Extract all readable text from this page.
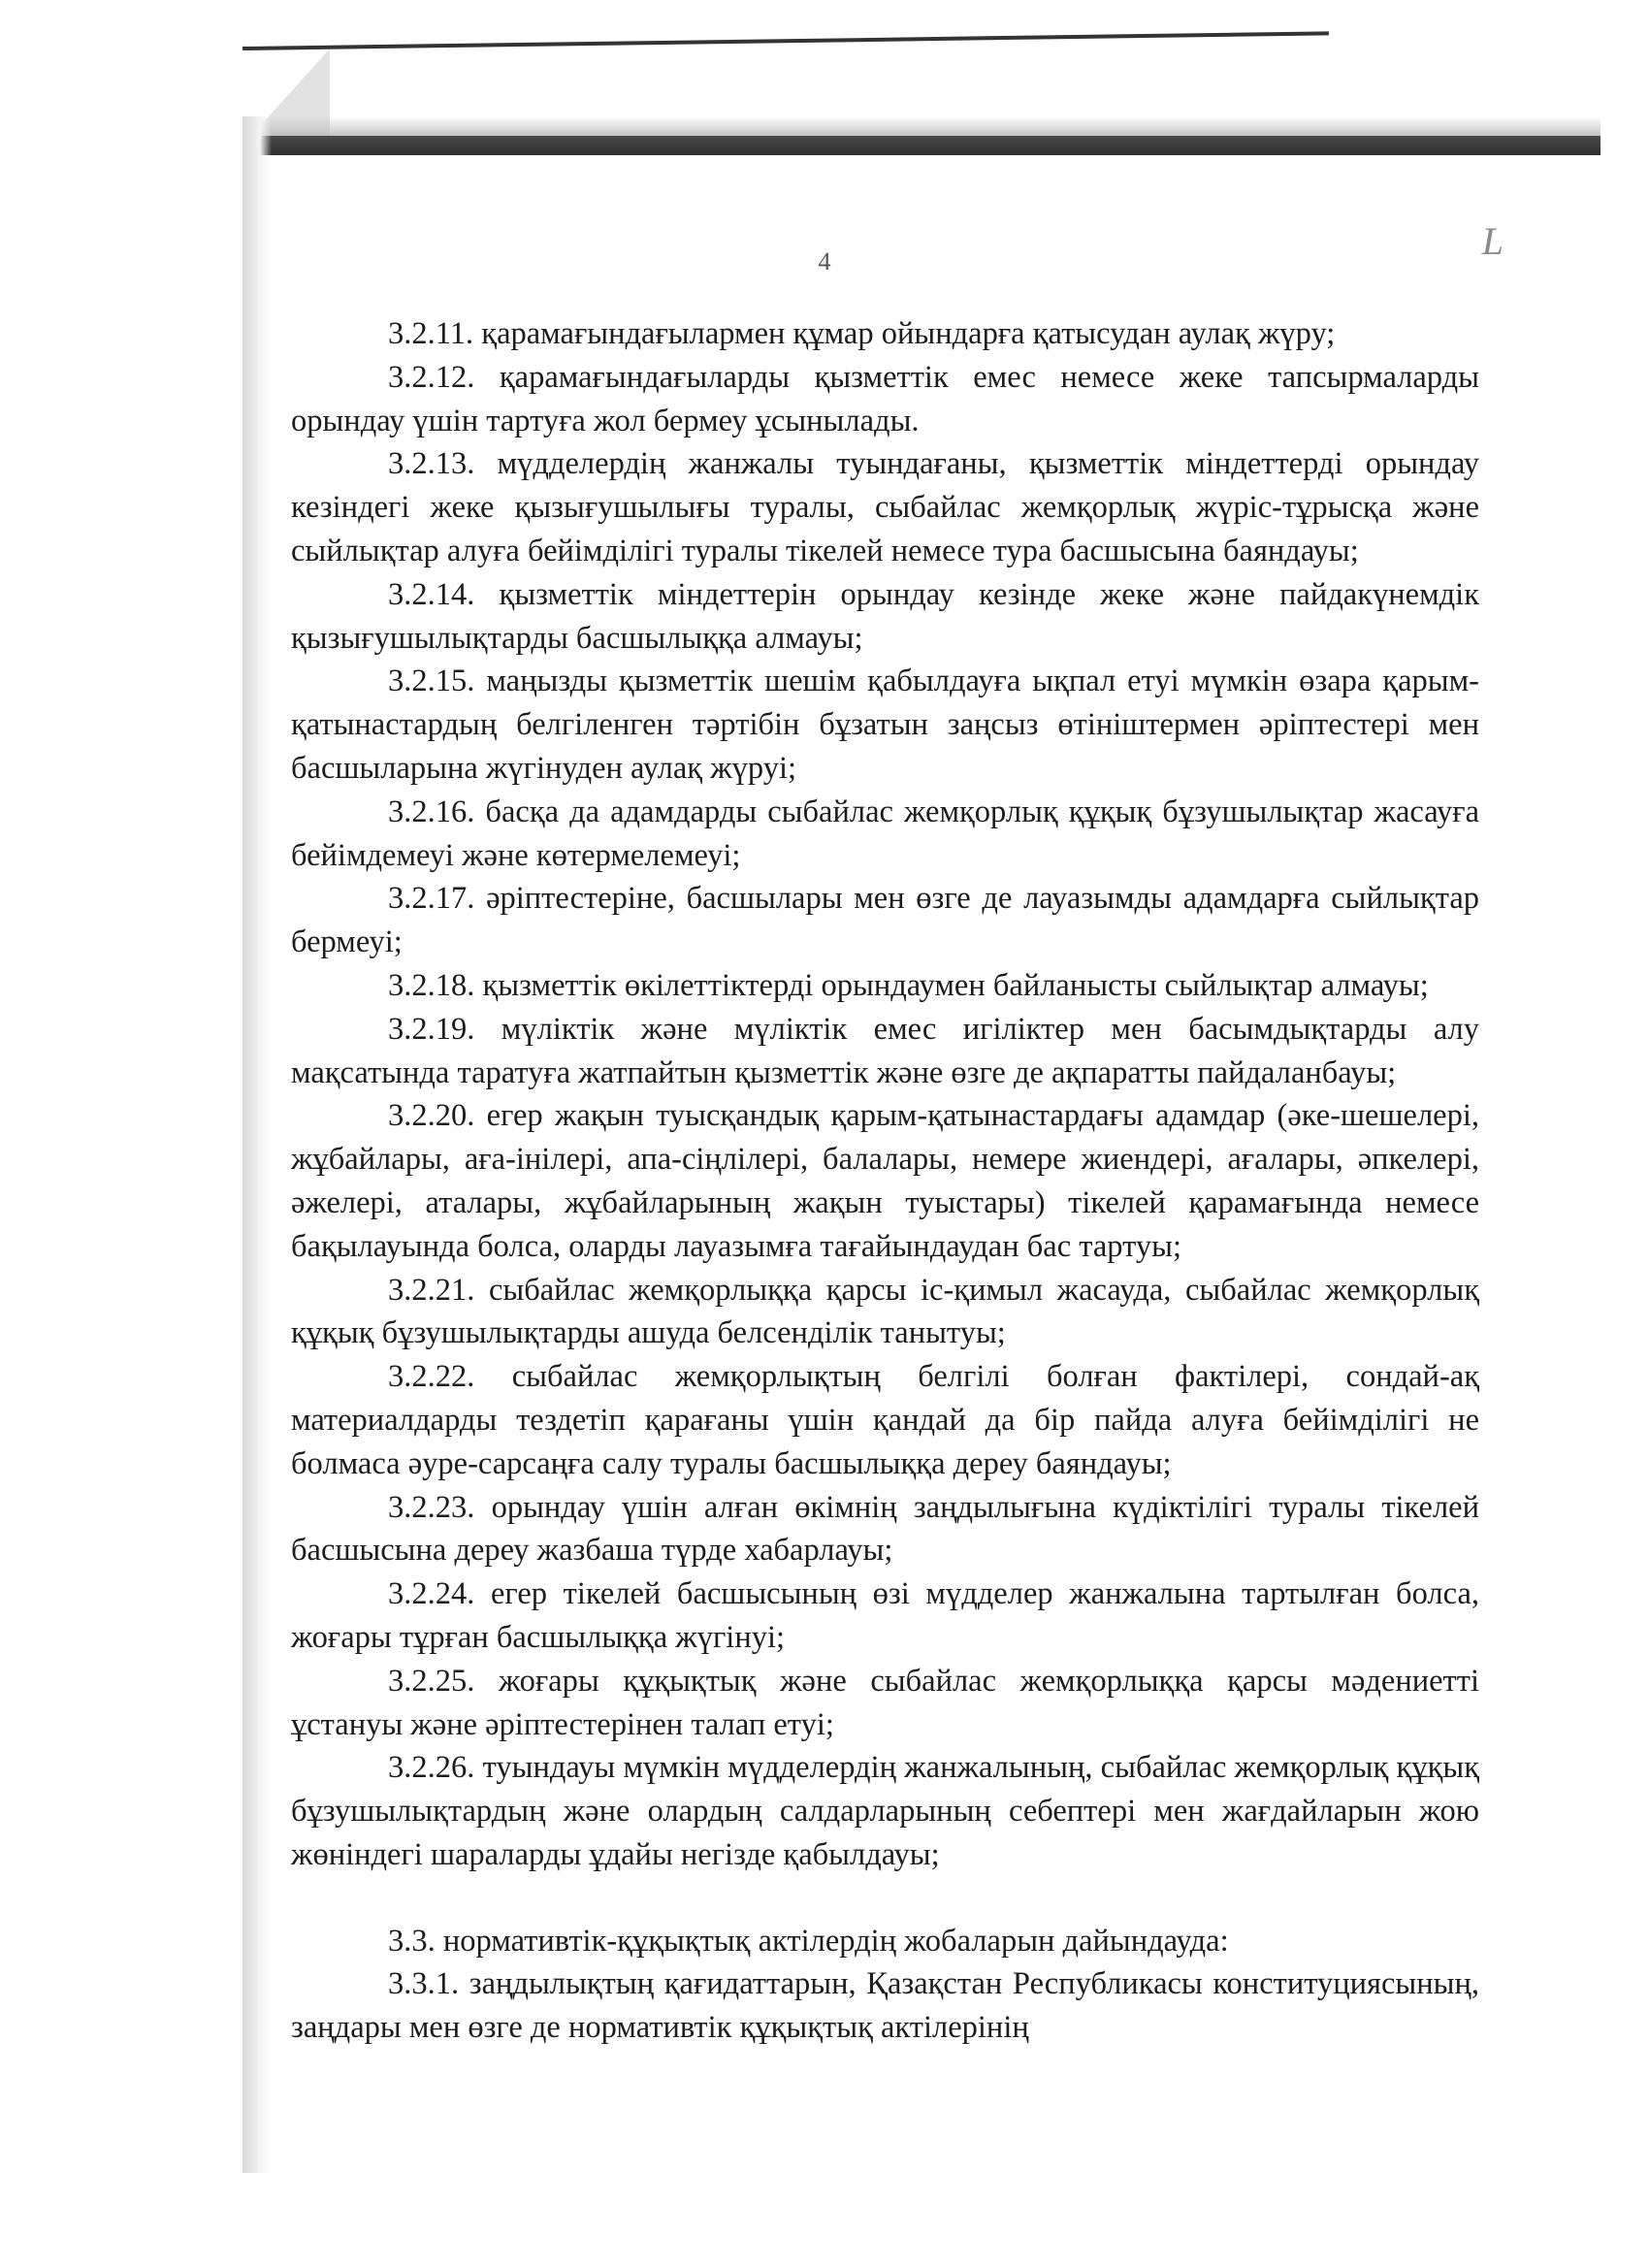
L
4

3.2.11. қарамағындағылармен құмар ойындарға қатысудан аулақ жүру;

3.2.12. қарамағындағыларды қызметтік емес немесе жеке тапсырмаларды орындау үшін тартуға жол бермеу ұсынылады.

3.2.13. мүдделердің жанжалы туындағаны, қызметтік міндеттерді орындау кезіндегі жеке қызығушылығы туралы, сыбайлас жемқорлық жүріс-тұрысқа және сыйлықтар алуға бейімділігі туралы тікелей немесе тура басшысына баяндауы;

3.2.14. қызметтік міндеттерін орындау кезінде жеке және пайдакүнемдік қызығушылықтарды басшылыққа алмауы;

3.2.15. маңызды қызметтік шешім қабылдауға ықпал етуі мүмкін өзара қарым-қатынастардың белгіленген тәртібін бұзатын заңсыз өтініштермен әріптестері мен басшыларына жүгінуден аулақ жүруі;

3.2.16. басқа да адамдарды сыбайлас жемқорлық құқық бұзушылықтар жасауға бейімдемеуі және көтермелемеуі;

3.2.17. әріптестеріне, басшылары мен өзге де лауазымды адамдарға сыйлықтар бермеуі;

3.2.18. қызметтік өкілеттіктерді орындаумен байланысты сыйлықтар алмауы;

3.2.19. мүліктік және мүліктік емес игіліктер мен басымдықтарды алу мақсатында таратуға жатпайтын қызметтік және өзге де ақпаратты пайдаланбауы;

3.2.20. егер жақын туысқандық қарым-қатынастардағы адамдар (әке-шешелері, жұбайлары, аға-інілері, апа-сіңлілері, балалары, немере жиендері, ағалары, әпкелері, әжелері, аталары, жұбайларының жақын туыстары) тікелей қарамағында немесе бақылауында болса, оларды лауазымға тағайындаудан бас тартуы;

3.2.21. сыбайлас жемқорлыққа қарсы іс-қимыл жасауда, сыбайлас жемқорлық құқық бұзушылықтарды ашуда белсенділік танытуы;

3.2.22. сыбайлас жемқорлықтың белгілі болған фактілері, сондай-ақ материалдарды тездетіп қарағаны үшін қандай да бір пайда алуға бейімділігі не болмаса әуре-сарсаңға салу туралы басшылыққа дереу баяндауы;

3.2.23. орындау үшін алған өкімнің заңдылығына күдіктілігі туралы тікелей басшысына дереу жазбаша түрде хабарлауы;

3.2.24. егер тікелей басшысының өзі мүдделер жанжалына тартылған болса, жоғары тұрған басшылыққа жүгінуі;

3.2.25. жоғары құқықтық және сыбайлас жемқорлыққа қарсы мәдениетті ұстануы және әріптестерінен талап етуі;

3.2.26. туындауы мүмкін мүдделердің жанжалының, сыбайлас жемқорлық құқық бұзушылықтардың және олардың салдарларының себептері мен жағдайларын жою жөніндегі шараларды ұдайы негізде қабылдауы;

3.3. нормативтік-құқықтық актілердің жобаларын дайындауда:

3.3.1. заңдылықтың қағидаттарын, Қазақстан Республикасы конституциясының, заңдары мен өзге де нормативтік құқықтық актілерінің
